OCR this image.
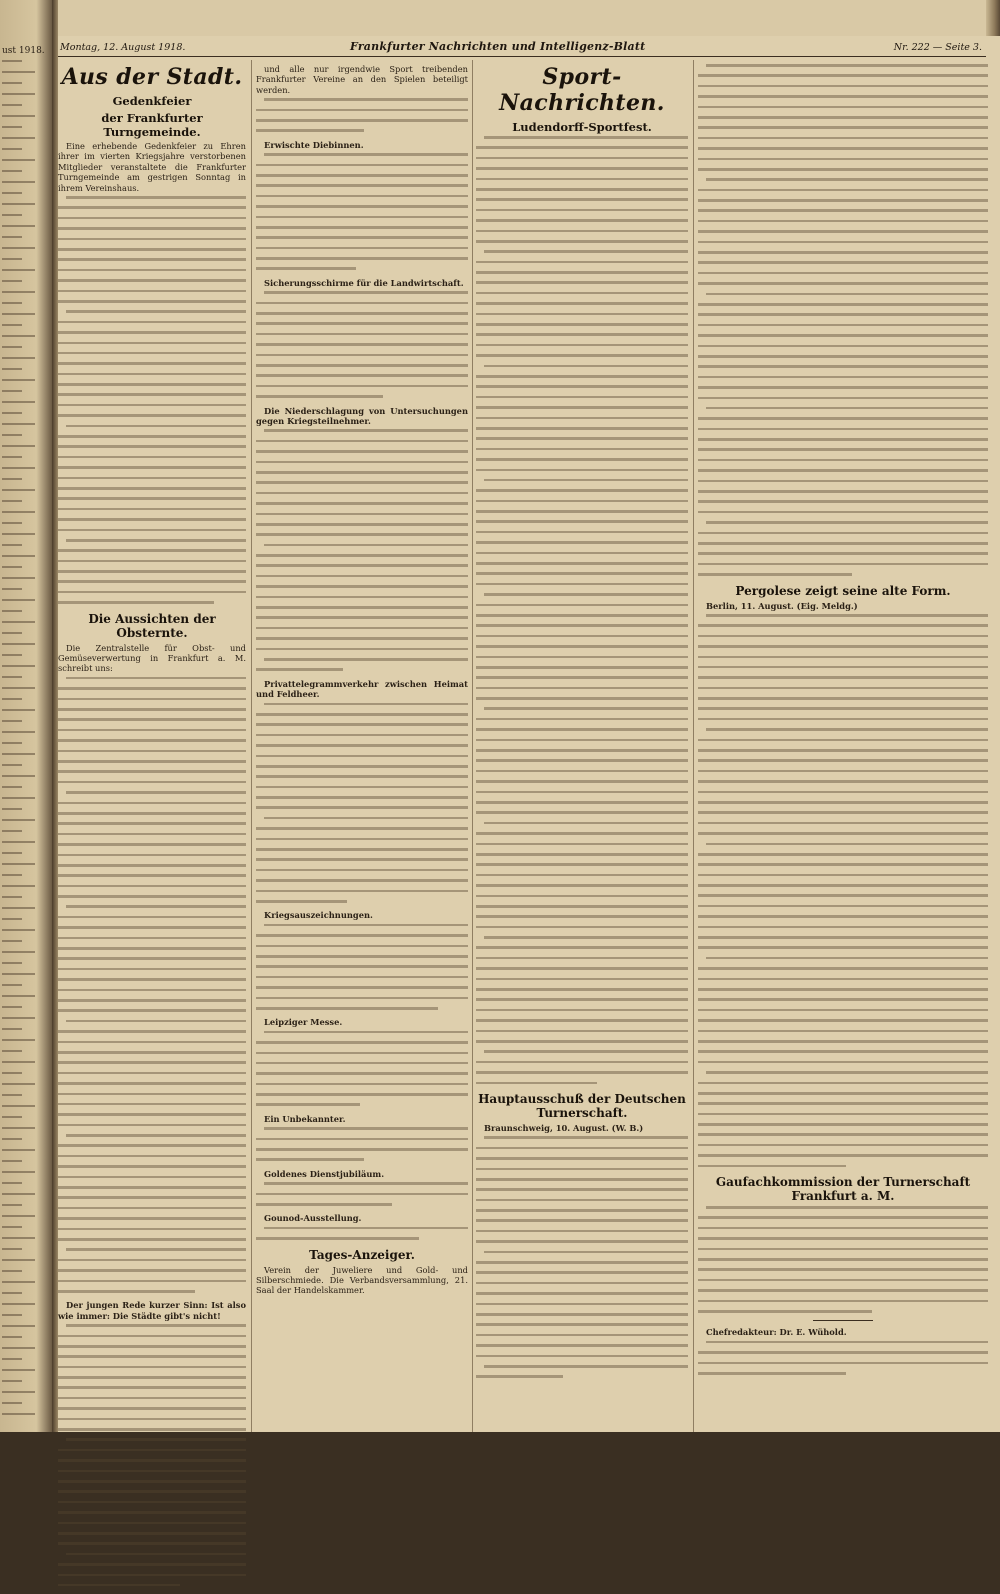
ust 1918. Montag, 12. August 1918.	Frankfurter Nachrichten und Intelligenz-Blatt	Nr. 222 — Seite 3.
Aus der Stadt.
Gedenkfeier
der Frankfurter Turngemeinde.

Eine erhebende Gedenkfeier zu Ehren ihrer im vierten Kriegsjahre verstorbenen Mitglieder veranstaltete die Frankfurter Turngemeinde am gestrigen Sonntag in ihrem Vereinshaus.

Die Aussichten der Obsternte.

Die Zentralstelle für Obst- und Gemüseverwertung in Frankfurt a. M. schreibt uns:

Der jungen Rede kurzer Sinn: Ist also wie immer: Die Städte gibt's nicht!

und alle nur irgendwie Sport treibenden Frankfurter Vereine an den Spielen beteiligt werden.

Erwischte Diebinnen.

Sicherungsschirme für die Landwirtschaft.

Die Niederschlagung von Untersuchungen gegen Kriegsteilnehmer.

Privattelegrammverkehr zwischen Heimat und Feldheer.

Kriegsauszeichnungen.

Leipziger Messe.

Ein Unbekannter.

Goldenes Dienstjubiläum.

Gounod-Ausstellung.

Tages-Anzeiger.

Verein der Juweliere und Gold- und Silberschmiede. Die Verbandsversammlung, 21. Saal der Handelskammer.

Sport-Nachrichten.
Ludendorff-Sportfest.
Hauptausschuß der Deutschen Turnerschaft.

Braunschweig, 10. August. (W. B.)

Pergolese zeigt seine alte Form.

Berlin, 11. August. (Eig. Meldg.)

Gaufachkommission der Turnerschaft Frankfurt a. M.

Chefredakteur: Dr. E. Wühold.
